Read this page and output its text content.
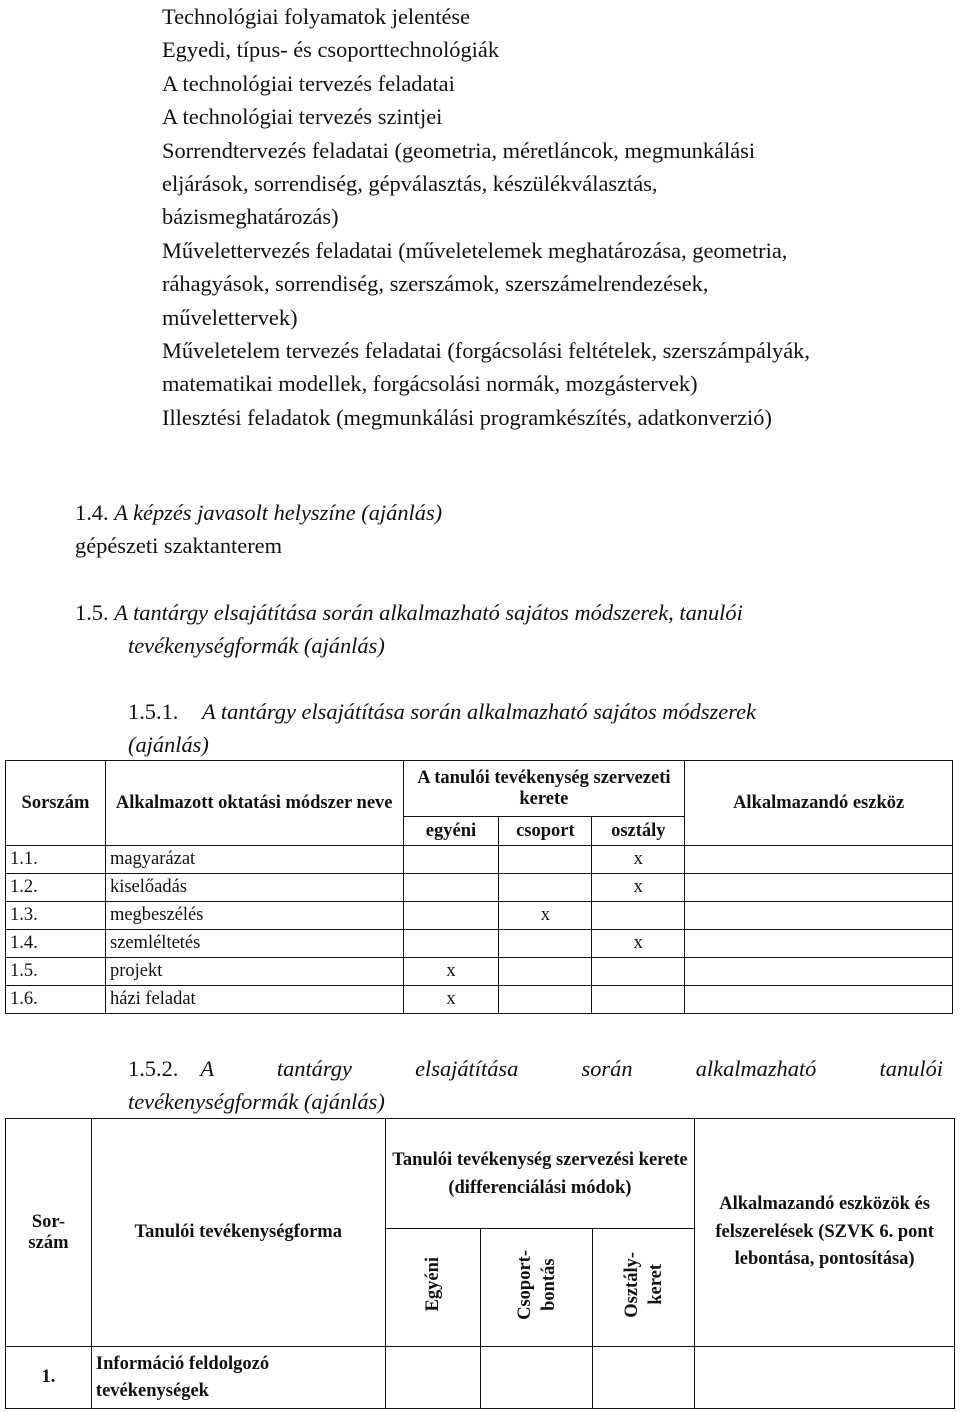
Technológiai folyamatok jelentése
Egyedi, típus- és csoporttechnológiák
A technológiai tervezés feladatai
A technológiai tervezés szintjei
Sorrendtervezés feladatai (geometria, méretláncok, megmunkálási
eljárások, sorrendiség, gépválasztás, készülékválasztás,
bázismeghatározás)
Művelettervezés feladatai (műveletelemek meghatározása, geometria,
ráhagyások, sorrendiség, szerszámok, szerszámelrendezések,
művelettervek)
Műveletelem tervezés feladatai (forgácsolási feltételek, szerszámpályák,
matematikai modellek, forgácsolási normák, mozgástervek)
Illesztési feladatok (megmunkálási programkészítés, adatkonverzió)
1.4. A képzés javasolt helyszíne (ajánlás)
gépészeti szaktanterem
1.5. A tantárgy elsajátítása során alkalmazható sajátos módszerek, tanulói
tevékenységformák (ajánlás)
1.5.1. A tantárgy elsajátítása során alkalmazható sajátos módszerek
(ajánlás)
Sorszám	Alkalmazott oktatási módszer neve	A tanulói tevékenység szervezeti kerete			Alkalmazandó eszköz
		egyéni	csoport	osztály	
1.1.	magyarázat			x	
1.2.	kiselőadás			x	
1.3.	megbeszélés		x		
1.4.	szemléltetés			x	
1.5.	projekt	x			
1.6.	házi feladat	x			
1.5.2. A tantárgy elsajátítása során alkalmazható tanulói
tevékenységformák (ajánlás)
Sor-
szám	Tanulói tevékenységforma	Tanulói tevékenység szervezési kerete (differenciálási módok)			Alkalmazandó eszközök és felszerelések (SZVK 6. pont lebontása, pontosítása)
		Egyéni	Csoport- bontás	Osztály- keret	
1.	Információ feldolgozó tevékenységek				
